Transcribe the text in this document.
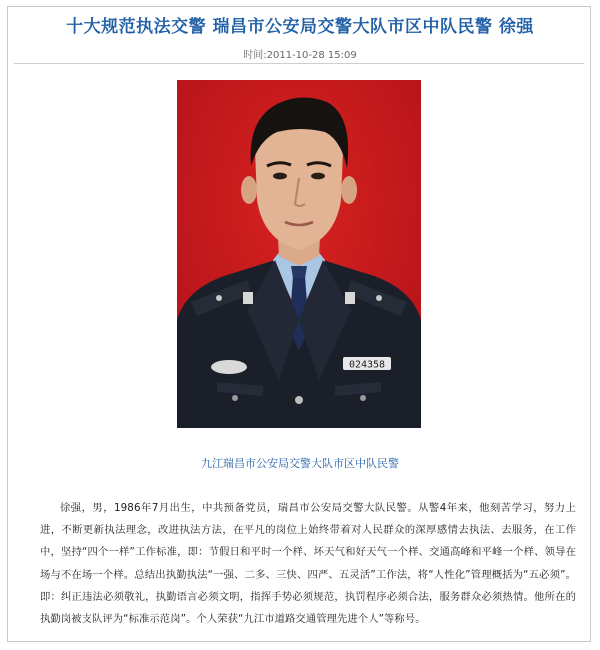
十大规范执法交警 瑞昌市公安局交警大队市区中队民警 徐强
时间:2011-10-28 15:09
024358
九江瑞昌市公安局交警大队市区中队民警
徐强，男，1986年7月出生，中共预备党员，瑞昌市公安局交警大队民警。从警4年来，他刻苦学习，努力上进，不断更新执法理念，改进执法方法，在平凡的岗位上始终带着对人民群众的深厚感情去执法、去服务，在工作中，坚持“四个一样”工作标准，即：节假日和平时一个样、坏天气和好天气一个样、交通高峰和平峰一个样、领导在场与不在场一个样。总结出执勤执法“一强、二多、三快、四严、五灵活”工作法，将“人性化”管理概括为“五必须”。即：纠正违法必须敬礼，执勤语言必须文明，指挥手势必须规范，执罚程序必须合法，服务群众必须热情。他所在的执勤岗被支队评为“标准示范岗”。个人荣获“九江市道路交通管理先进个人”等称号。
